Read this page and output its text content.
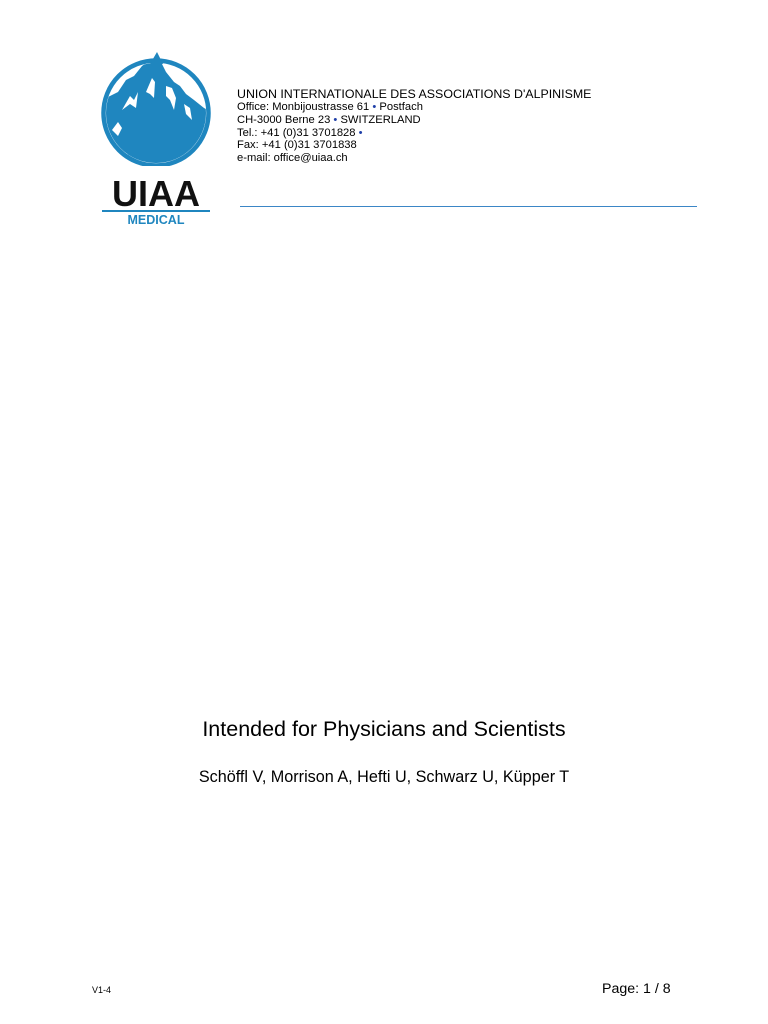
UIAA
MEDICAL
UNION INTERNATIONALE DES ASSOCIATIONS D'ALPINISME
Office: Monbijoustrasse 61 • Postfach
CH-3000 Berne 23 • SWITZERLAND
Tel.: +41 (0)31 3701828 •
Fax: +41 (0)31 3701838
e-mail: office@uiaa.ch
Intended for Physicians and Scientists
Schöffl V, Morrison A, Hefti U, Schwarz U, Küpper T
V1-4	Page: 1 / 8
